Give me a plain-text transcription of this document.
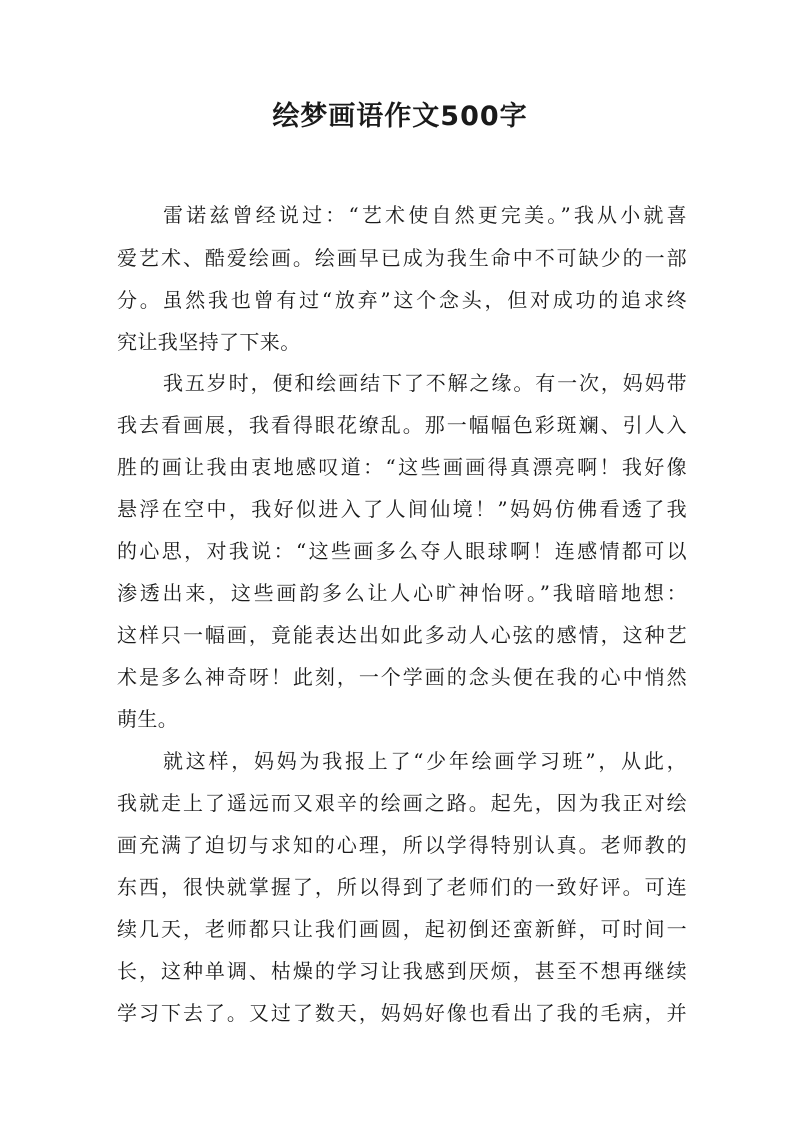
绘梦画语作文500字
雷诺兹曾经说过：“艺术使自然更完美。”我从小就喜
爱艺术、酷爱绘画。绘画早已成为我生命中不可缺少的一部
分。虽然我也曾有过“放弃”这个念头，但对成功的追求终
究让我坚持了下来。
我五岁时，便和绘画结下了不解之缘。有一次，妈妈带
我去看画展，我看得眼花缭乱。那一幅幅色彩斑斓、引人入
胜的画让我由衷地感叹道：“这些画画得真漂亮啊！我好像
悬浮在空中，我好似进入了人间仙境！”妈妈仿佛看透了我
的心思，对我说：“这些画多么夺人眼球啊！连感情都可以
渗透出来，这些画韵多么让人心旷神怡呀。”我暗暗地想：
这样只一幅画，竟能表达出如此多动人心弦的感情，这种艺
术是多么神奇呀！此刻，一个学画的念头便在我的心中悄然
萌生。
就这样，妈妈为我报上了“少年绘画学习班”，从此，
我就走上了遥远而又艰辛的绘画之路。起先，因为我正对绘
画充满了迫切与求知的心理，所以学得特别认真。老师教的
东西，很快就掌握了，所以得到了老师们的一致好评。可连
续几天，老师都只让我们画圆，起初倒还蛮新鲜，可时间一
长，这种单调、枯燥的学习让我感到厌烦，甚至不想再继续
学习下去了。又过了数天，妈妈好像也看出了我的毛病，并
